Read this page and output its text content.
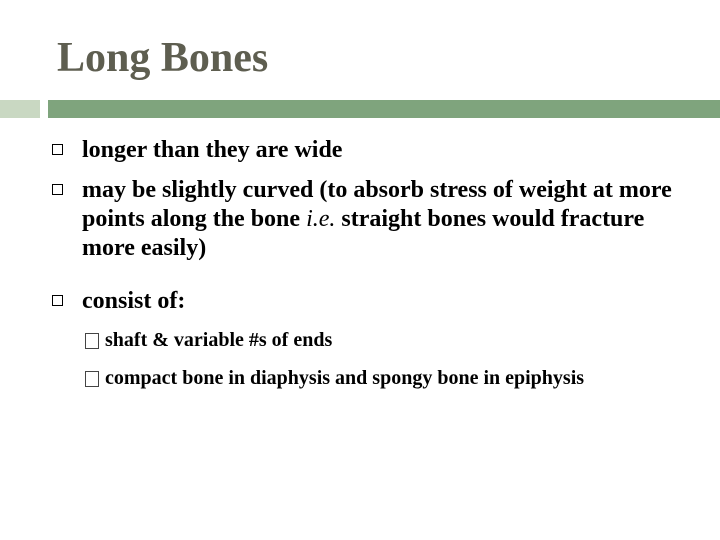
Long Bones
longer than they are wide
may be slightly curved (to absorb stress of weight at more points along the bone i.e. straight bones would fracture more easily)
consist of:
shaft & variable #s of ends
compact bone in diaphysis and spongy bone in epiphysis
